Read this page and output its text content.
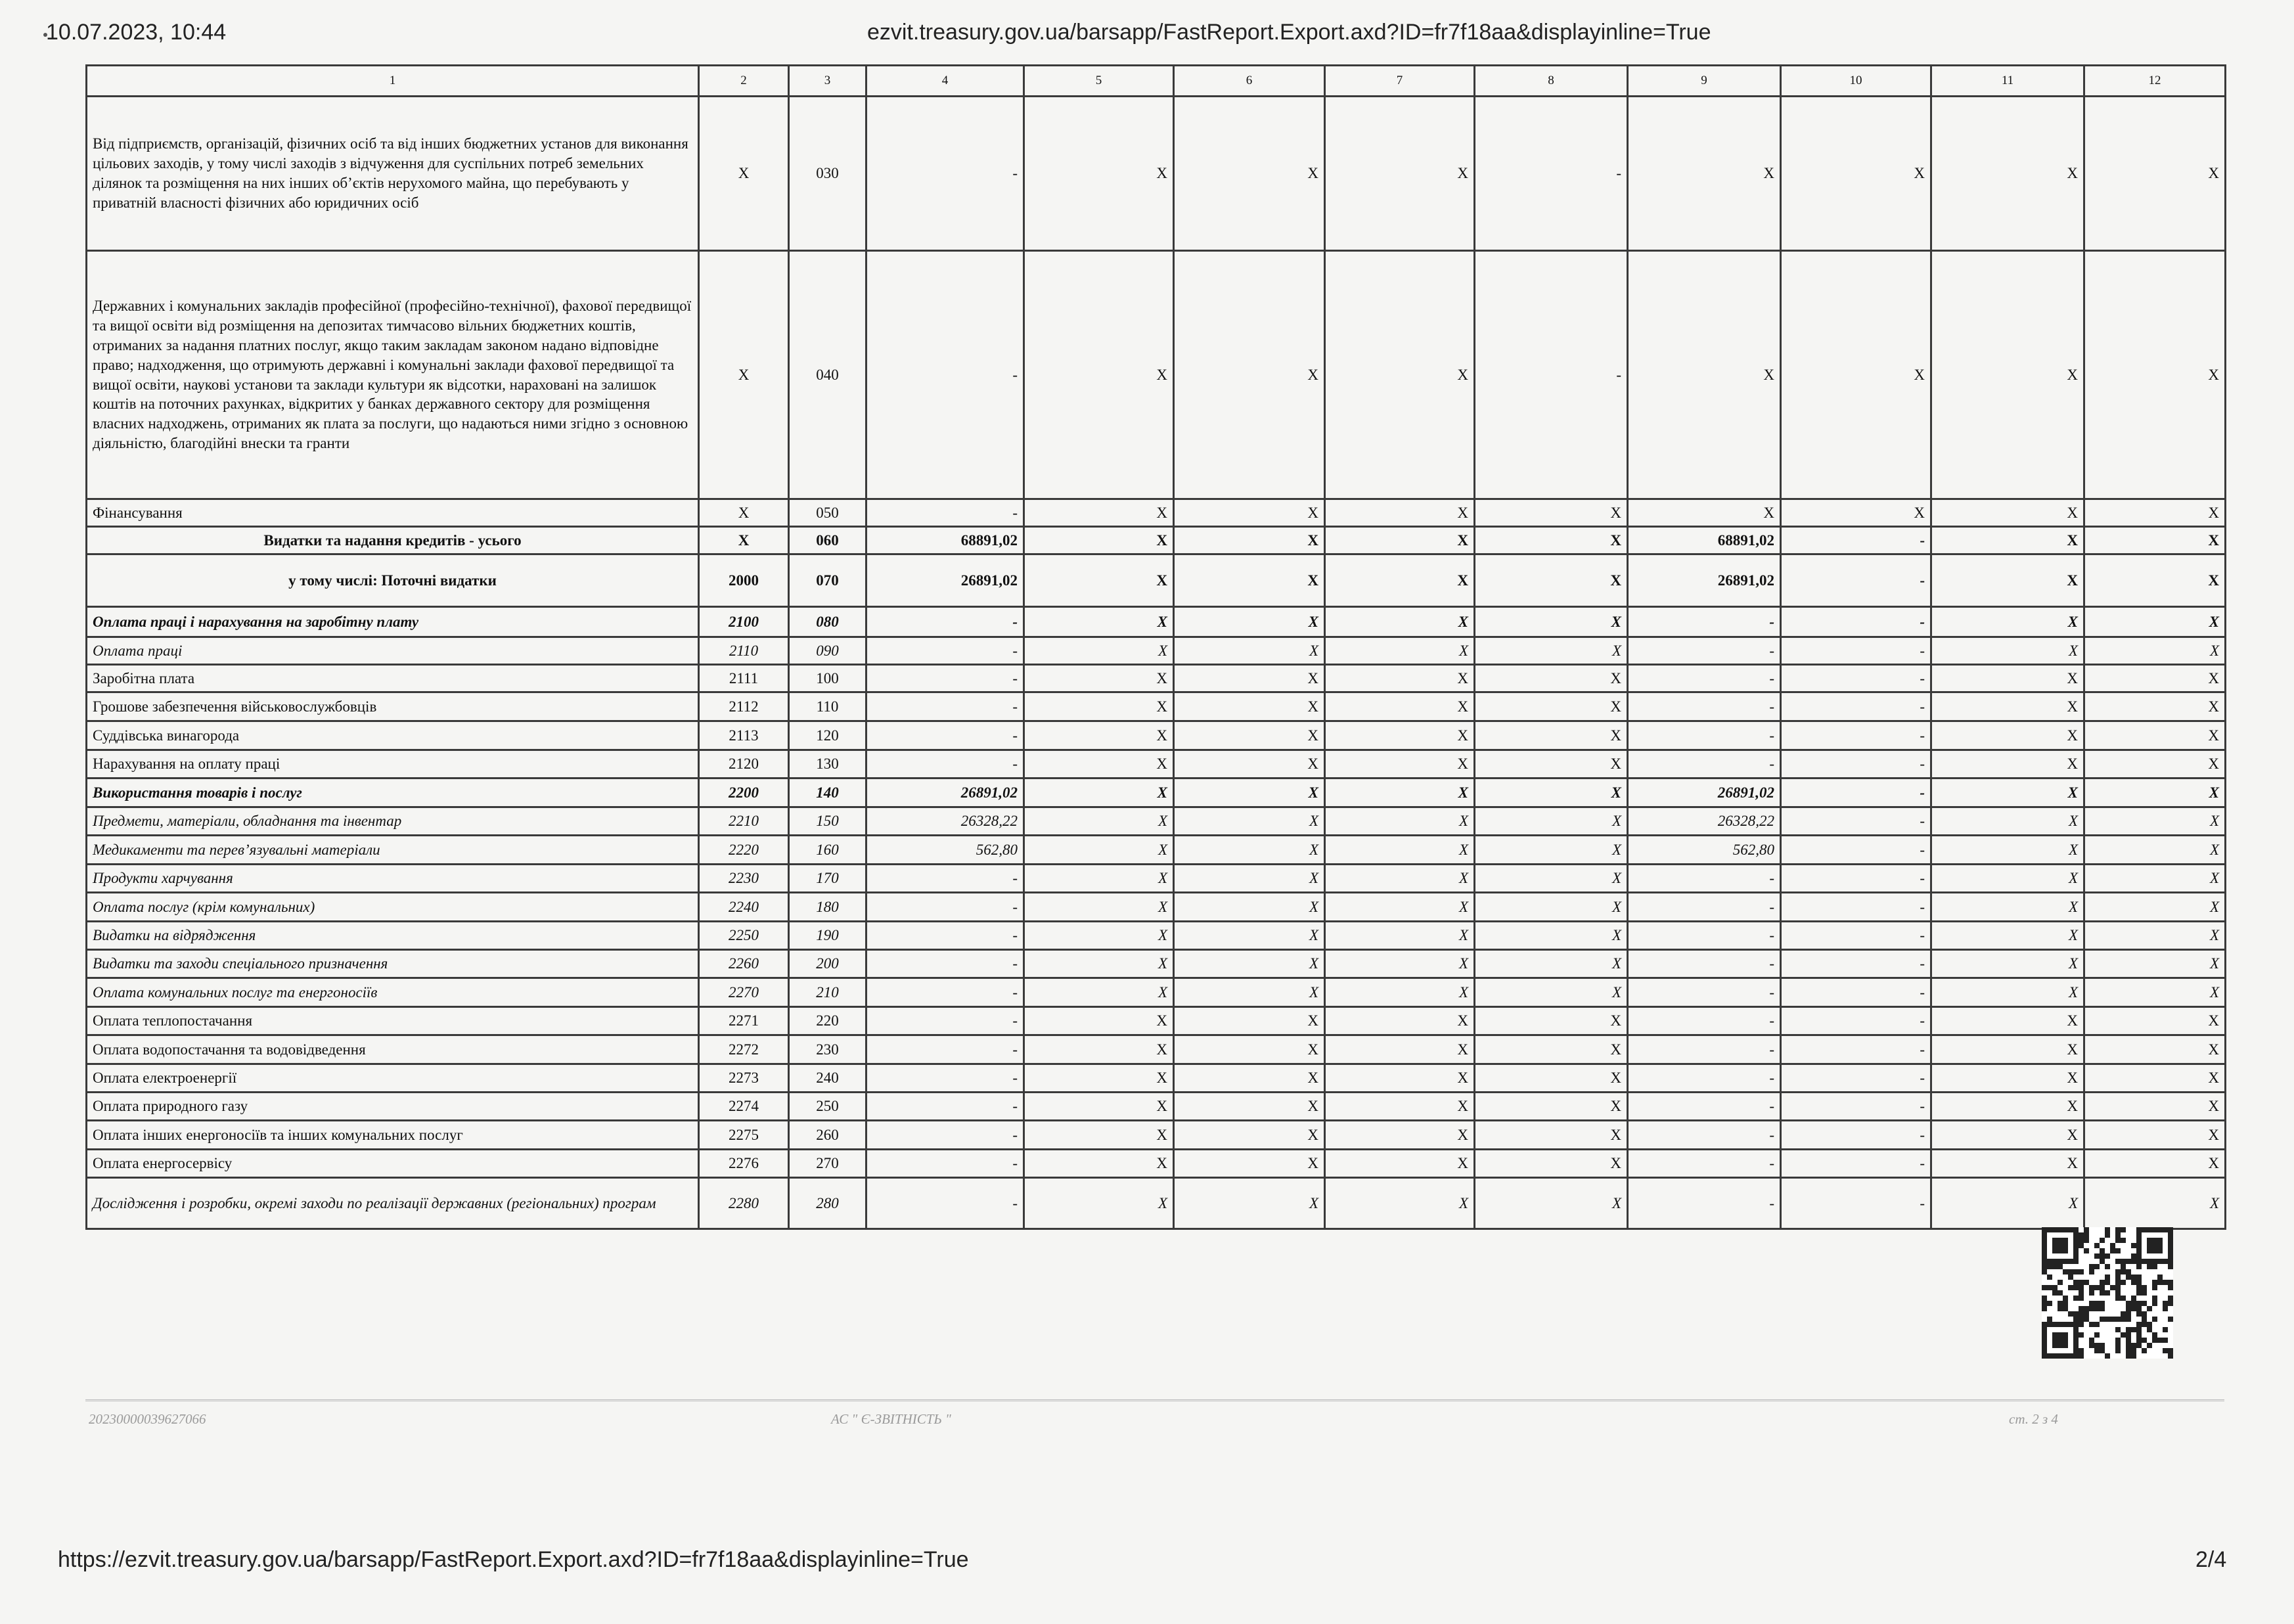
10.07.2023, 10:44	ezvit.treasury.gov.ua/barsapp/FastReport.Export.axd?ID=fr7f18aa&displayinline=True
1	2	3	4	5	6	7	8	9	10	11	12
Від підприємств, організацій, фізичних осіб та від інших бюджетних установ для виконання цільових заходів, у тому числі заходів з відчуження для суспільних потреб земельних ділянок та розміщення на них інших об’єктів нерухомого майна, що перебувають у приватній власності фізичних або юридичних осіб	X	030	-	X	X	X	-	X	X	X	X
Державних і комунальних закладів професійної (професійно-технічної), фахової передвищої та вищої освіти від розміщення на депозитах тимчасово вільних бюджетних коштів, отриманих за надання платних послуг, якщо таким закладам законом надано відповідне право; надходження, що отримують державні і комунальні заклади фахової передвищої та вищої освіти, наукові установи та заклади культури як відсотки, нараховані на залишок коштів на поточних рахунках, відкритих у банках державного сектору для розміщення власних надходжень, отриманих як плата за послуги, що надаються ними згідно з основною діяльністю, благодійні внески та гранти	X	040	-	X	X	X	-	X	X	X	X
Фінансування	X	050	-	X	X	X	X	X	X	X	X
Видатки та надання кредитів - усього	X	060	68891,02	X	X	X	X	68891,02	-	X	X
у тому числі: Поточні видатки	2000	070	26891,02	X	X	X	X	26891,02	-	X	X
Оплата праці і нарахування на заробітну плату	2100	080	-	X	X	X	X	-	-	X	X
Оплата праці	2110	090	-	X	X	X	X	-	-	X	X
Заробітна плата	2111	100	-	X	X	X	X	-	-	X	X
Грошове забезпечення військовослужбовців	2112	110	-	X	X	X	X	-	-	X	X
Суддівська винагорода	2113	120	-	X	X	X	X	-	-	X	X
Нарахування на оплату праці	2120	130	-	X	X	X	X	-	-	X	X
Використання товарів і послуг	2200	140	26891,02	X	X	X	X	26891,02	-	X	X
Предмети, матеріали, обладнання та інвентар	2210	150	26328,22	X	X	X	X	26328,22	-	X	X
Медикаменти та перев’язувальні матеріали	2220	160	562,80	X	X	X	X	562,80	-	X	X
Продукти харчування	2230	170	-	X	X	X	X	-	-	X	X
Оплата послуг (крім комунальних)	2240	180	-	X	X	X	X	-	-	X	X
Видатки на відрядження	2250	190	-	X	X	X	X	-	-	X	X
Видатки та заходи спеціального призначення	2260	200	-	X	X	X	X	-	-	X	X
Оплата комунальних послуг та енергоносіїв	2270	210	-	X	X	X	X	-	-	X	X
Оплата теплопостачання	2271	220	-	X	X	X	X	-	-	X	X
Оплата водопостачання та водовідведення	2272	230	-	X	X	X	X	-	-	X	X
Оплата електроенергії	2273	240	-	X	X	X	X	-	-	X	X
Оплата природного газу	2274	250	-	X	X	X	X	-	-	X	X
Оплата інших енергоносіїв та інших комунальних послуг	2275	260	-	X	X	X	X	-	-	X	X
Оплата енергосервісу	2276	270	-	X	X	X	X	-	-	X	X
Дослідження і розробки, окремі заходи по реалізації державних (регіональних) програм	2280	280	-	X	X	X	X	-	-	X	X
20230000039627066	АС " Є-ЗВІТНІСТЬ "	ст. 2 з 4
https://ezvit.treasury.gov.ua/barsapp/FastReport.Export.axd?ID=fr7f18aa&displayinline=True	2/4
